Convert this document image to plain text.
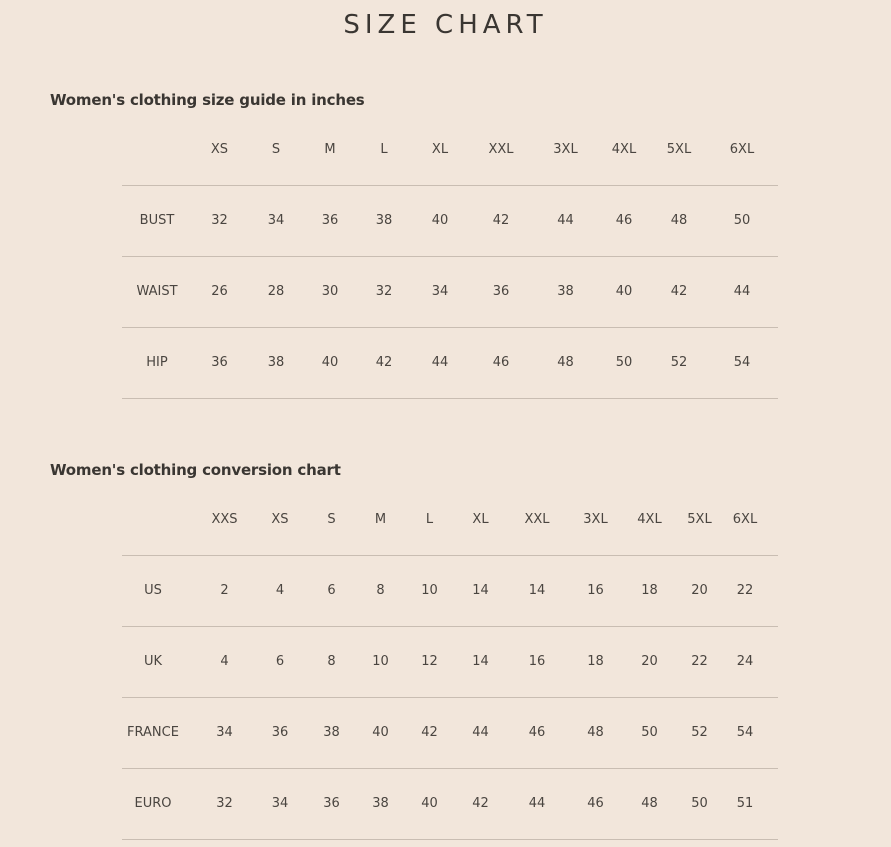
SIZE CHART
Women's clothing size guide in inches
	XS	S	M	L	XL	XXL	3XL	4XL	5XL	6XL
BUST	32	34	36	38	40	42	44	46	48	50
WAIST	26	28	30	32	34	36	38	40	42	44
HIP	36	38	40	42	44	46	48	50	52	54
Women's clothing conversion chart
	XXS	XS	S	M	L	XL	XXL	3XL	4XL	5XL	6XL
US	2	4	6	8	10	14	14	16	18	20	22
UK	4	6	8	10	12	14	16	18	20	22	24
FRANCE	34	36	38	40	42	44	46	48	50	52	54
EURO	32	34	36	38	40	42	44	46	48	50	51
